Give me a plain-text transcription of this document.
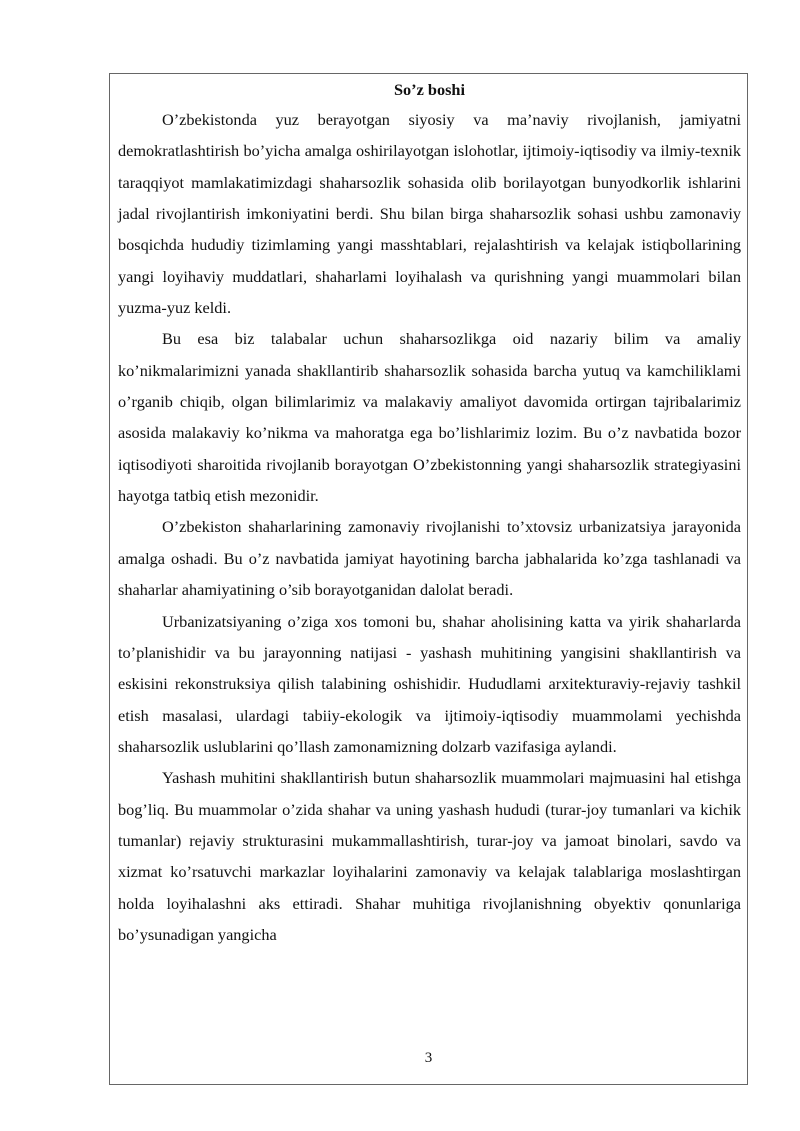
So’z boshi

O’zbekistonda yuz berayotgan siyosiy va ma’naviy rivojlanish, jamiyatni demokratlashtirish bo’yicha amalga oshirilayotgan islohotlar, ijtimoiy-iqtisodiy va ilmiy-texnik taraqqiyot mamlakatimizdagi shaharsozlik sohasida olib borilayotgan bunyodkorlik ishlarini jadal rivojlantirish imkoniyatini berdi. Shu bilan birga shaharsozlik sohasi ushbu zamonaviy bosqichda hududiy tizimlaming yangi masshtablari, rejalashtirish va kelajak istiqbollarining yangi loyihaviy muddatlari, shaharlami loyihalash va qurishning yangi muammolari bilan yuzma-yuz keldi.

Bu esa biz talabalar uchun shaharsozlikga oid nazariy bilim va amaliy ko’nikmalarimizni yanada shakllantirib shaharsozlik sohasida barcha yutuq va kamchiliklami o’rganib chiqib, olgan bilimlarimiz va malakaviy amaliyot davomida ortirgan tajribalarimiz asosida malakaviy ko’nikma va mahoratga ega bo’lishlarimiz lozim. Bu o’z navbatida bozor iqtisodiyoti sharoitida rivojlanib borayotgan O’zbekistonning yangi shaharsozlik strategiyasini hayotga tatbiq etish mezonidir.

O’zbekiston shaharlarining zamonaviy rivojlanishi to’xtovsiz urbanizatsiya jarayonida amalga oshadi. Bu o’z navbatida jamiyat hayotining barcha jabhalarida ko’zga tashlanadi va shaharlar ahamiyatining o’sib borayotganidan dalolat beradi.

Urbanizatsiyaning o’ziga xos tomoni bu, shahar aholisining katta va yirik shaharlarda to’planishidir va bu jarayonning natijasi - yashash muhitining yangisini shakllantirish va eskisini rekonstruksiya qilish talabining oshishidir. Hududlami arxitekturaviy-rejaviy tashkil etish masalasi, ulardagi tabiiy-ekologik va ijtimoiy-iqtisodiy muammolami yechishda shaharsozlik uslublarini qo’llash zamonamizning dolzarb vazifasiga aylandi.

Yashash muhitini shakllantirish butun shaharsozlik muammolari majmuasini hal etishga bog’liq. Bu muammolar o’zida shahar va uning yashash hududi (turar-joy tumanlari va kichik tumanlar) rejaviy strukturasini mukammallashtirish, turar-joy va jamoat binolari, savdo va xizmat ko’rsatuvchi markazlar loyihalarini zamonaviy va kelajak talablariga moslashtirgan holda loyihalashni aks ettiradi. Shahar muhitiga rivojlanishning obyektiv qonunlariga bo’ysunadigan yangicha

3
